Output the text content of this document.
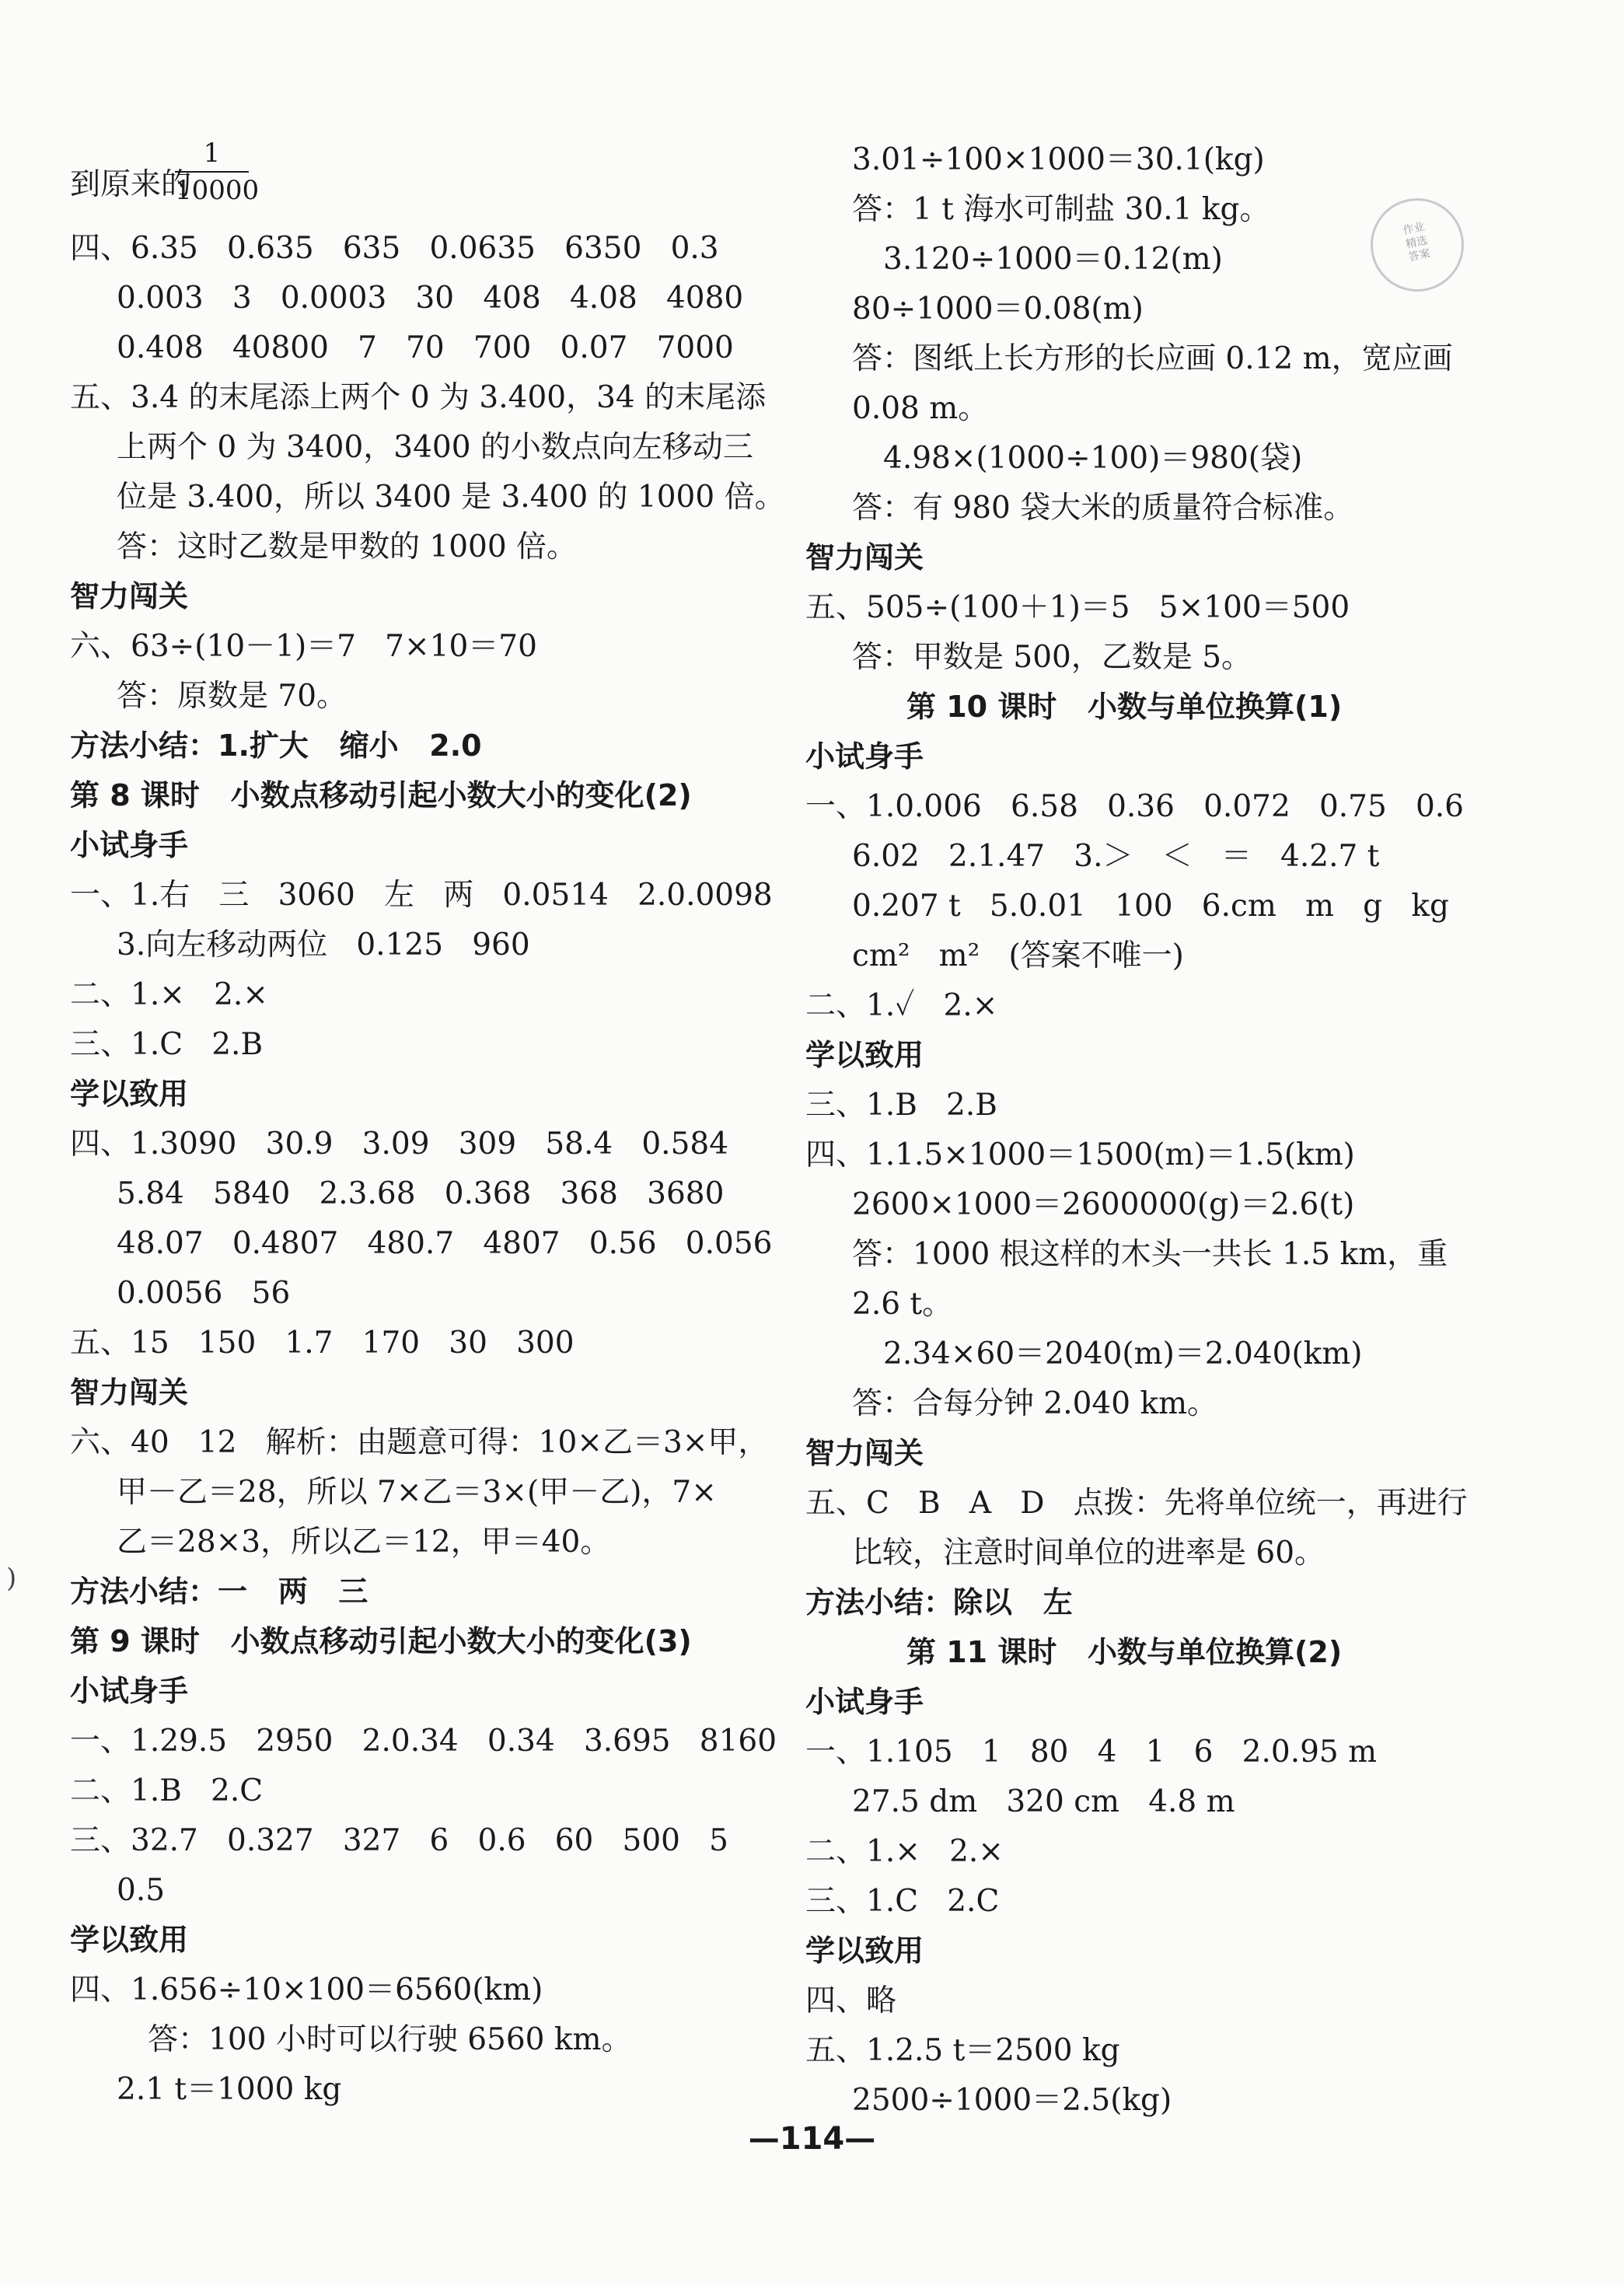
到原来的
$\frac{1}{10000}$
四、6.35   0.635   635   0.0635   6350   0.3
0.003   3   0.0003   30   408   4.08   4080
0.408   40800   7   70   700   0.07   7000
五、3.4 的末尾添上两个 0 为 3.400，34 的末尾添
上两个 0 为 3400，3400 的小数点向左移动三
位是 3.400，所以 3400 是 3.400 的 1000 倍。
答：这时乙数是甲数的 1000 倍。
智力闯关
六、63÷(10－1)＝7   7×10＝70
答：原数是 70。
方法小结：1.扩大   缩小   2.0
第 8 课时   小数点移动引起小数大小的变化(2)
小试身手
一、1.右   三   3060   左   两   0.0514   2.0.0098
3.向左移动两位   0.125   960
二、1.×   2.×
三、1.C   2.B
学以致用
四、1.3090   30.9   3.09   309   58.4   0.584
5.84   5840   2.3.68   0.368   368   3680
48.07   0.4807   480.7   4807   0.56   0.056
0.0056   56
五、15   150   1.7   170   30   300
智力闯关
六、40   12   解析：由题意可得：10×乙＝3×甲，
甲－乙＝28，所以 7×乙＝3×(甲－乙)，7×
乙＝28×3，所以乙＝12，甲＝40。
方法小结：一   两   三
第 9 课时   小数点移动引起小数大小的变化(3)
小试身手
一、1.29.5   2950   2.0.34   0.34   3.695   8160
二、1.B   2.C
三、32.7   0.327   327   6   0.6   60   500   5
0.5
学以致用
四、1.656÷10×100＝6560(km)
答：100 小时可以行驶 6560 km。
2.1 t＝1000 kg
3.01÷100×1000＝30.1(kg)
答：1 t 海水可制盐 30.1 kg。
3.120÷1000＝0.12(m)
80÷1000＝0.08(m)
答：图纸上长方形的长应画 0.12 m，宽应画
0.08 m。
4.98×(1000÷100)＝980(袋)
答：有 980 袋大米的质量符合标准。
智力闯关
五、505÷(100＋1)＝5   5×100＝500
答：甲数是 500，乙数是 5。
第 10 课时   小数与单位换算(1)
小试身手
一、1.0.006   6.58   0.36   0.072   0.75   0.6
6.02   2.1.47   3.＞   ＜   ＝   4.2.7 t
0.207 t   5.0.01   100   6.cm   m   g   kg
cm²   m²   (答案不唯一)
二、1.✓   2.×
学以致用
三、1.B   2.B
四、1.1.5×1000＝1500(m)＝1.5(km)
2600×1000＝2600000(g)＝2.6(t)
答：1000 根这样的木头一共长 1.5 km，重
2.6 t。
2.34×60＝2040(m)＝2.040(km)
答：合每分钟 2.040 km。
智力闯关
五、C   B   A   D   点拨：先将单位统一，再进行
比较，注意时间单位的进率是 60。
方法小结：除以   左
第 11 课时   小数与单位换算(2)
小试身手
一、1.105   1   80   4   1   6   2.0.95 m
27.5 dm   320 cm   4.8 m
二、1.×   2.×
三、1.C   2.C
学以致用
四、略
五、1.2.5 t＝2500 kg
2500÷1000＝2.5(kg)
作业
精选
答案
)
—114—
